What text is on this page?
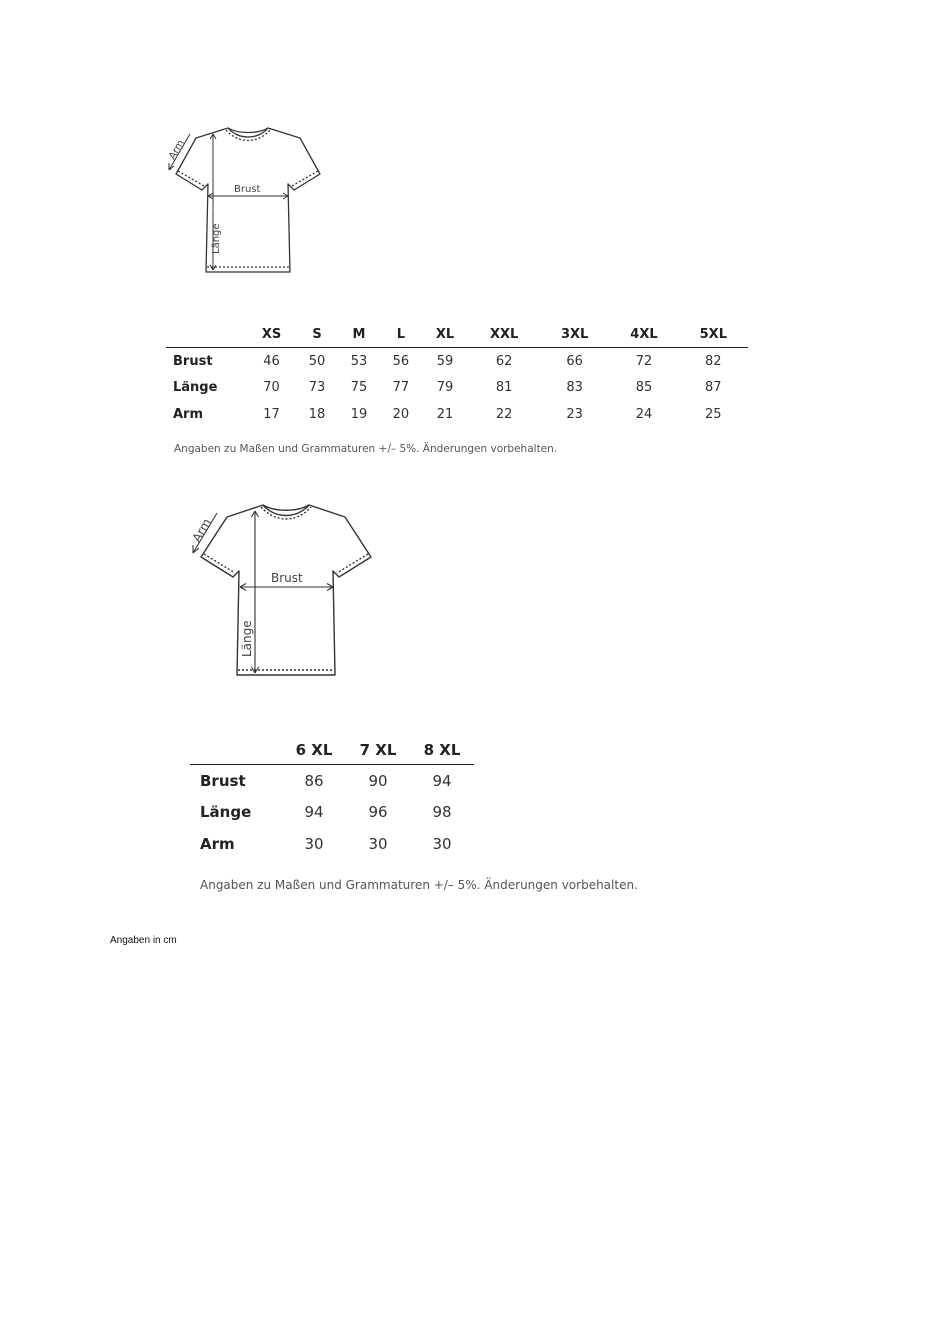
Arm
Brust
Länge
	XS	S	M	L	XL	XXL	3XL	4XL	5XL
Brust	46	50	53	56	59	62	66	72	82
Länge	70	73	75	77	79	81	83	85	87
Arm	17	18	19	20	21	22	23	24	25
Angaben zu Maßen und Grammaturen +/– 5%. Änderungen vorbehalten.
Arm
Brust
Länge
	6 XL	7 XL	8 XL
Brust	86	90	94
Länge	94	96	98
Arm	30	30	30
Angaben zu Maßen und Grammaturen +/– 5%. Änderungen vorbehalten.
Angaben in cm
